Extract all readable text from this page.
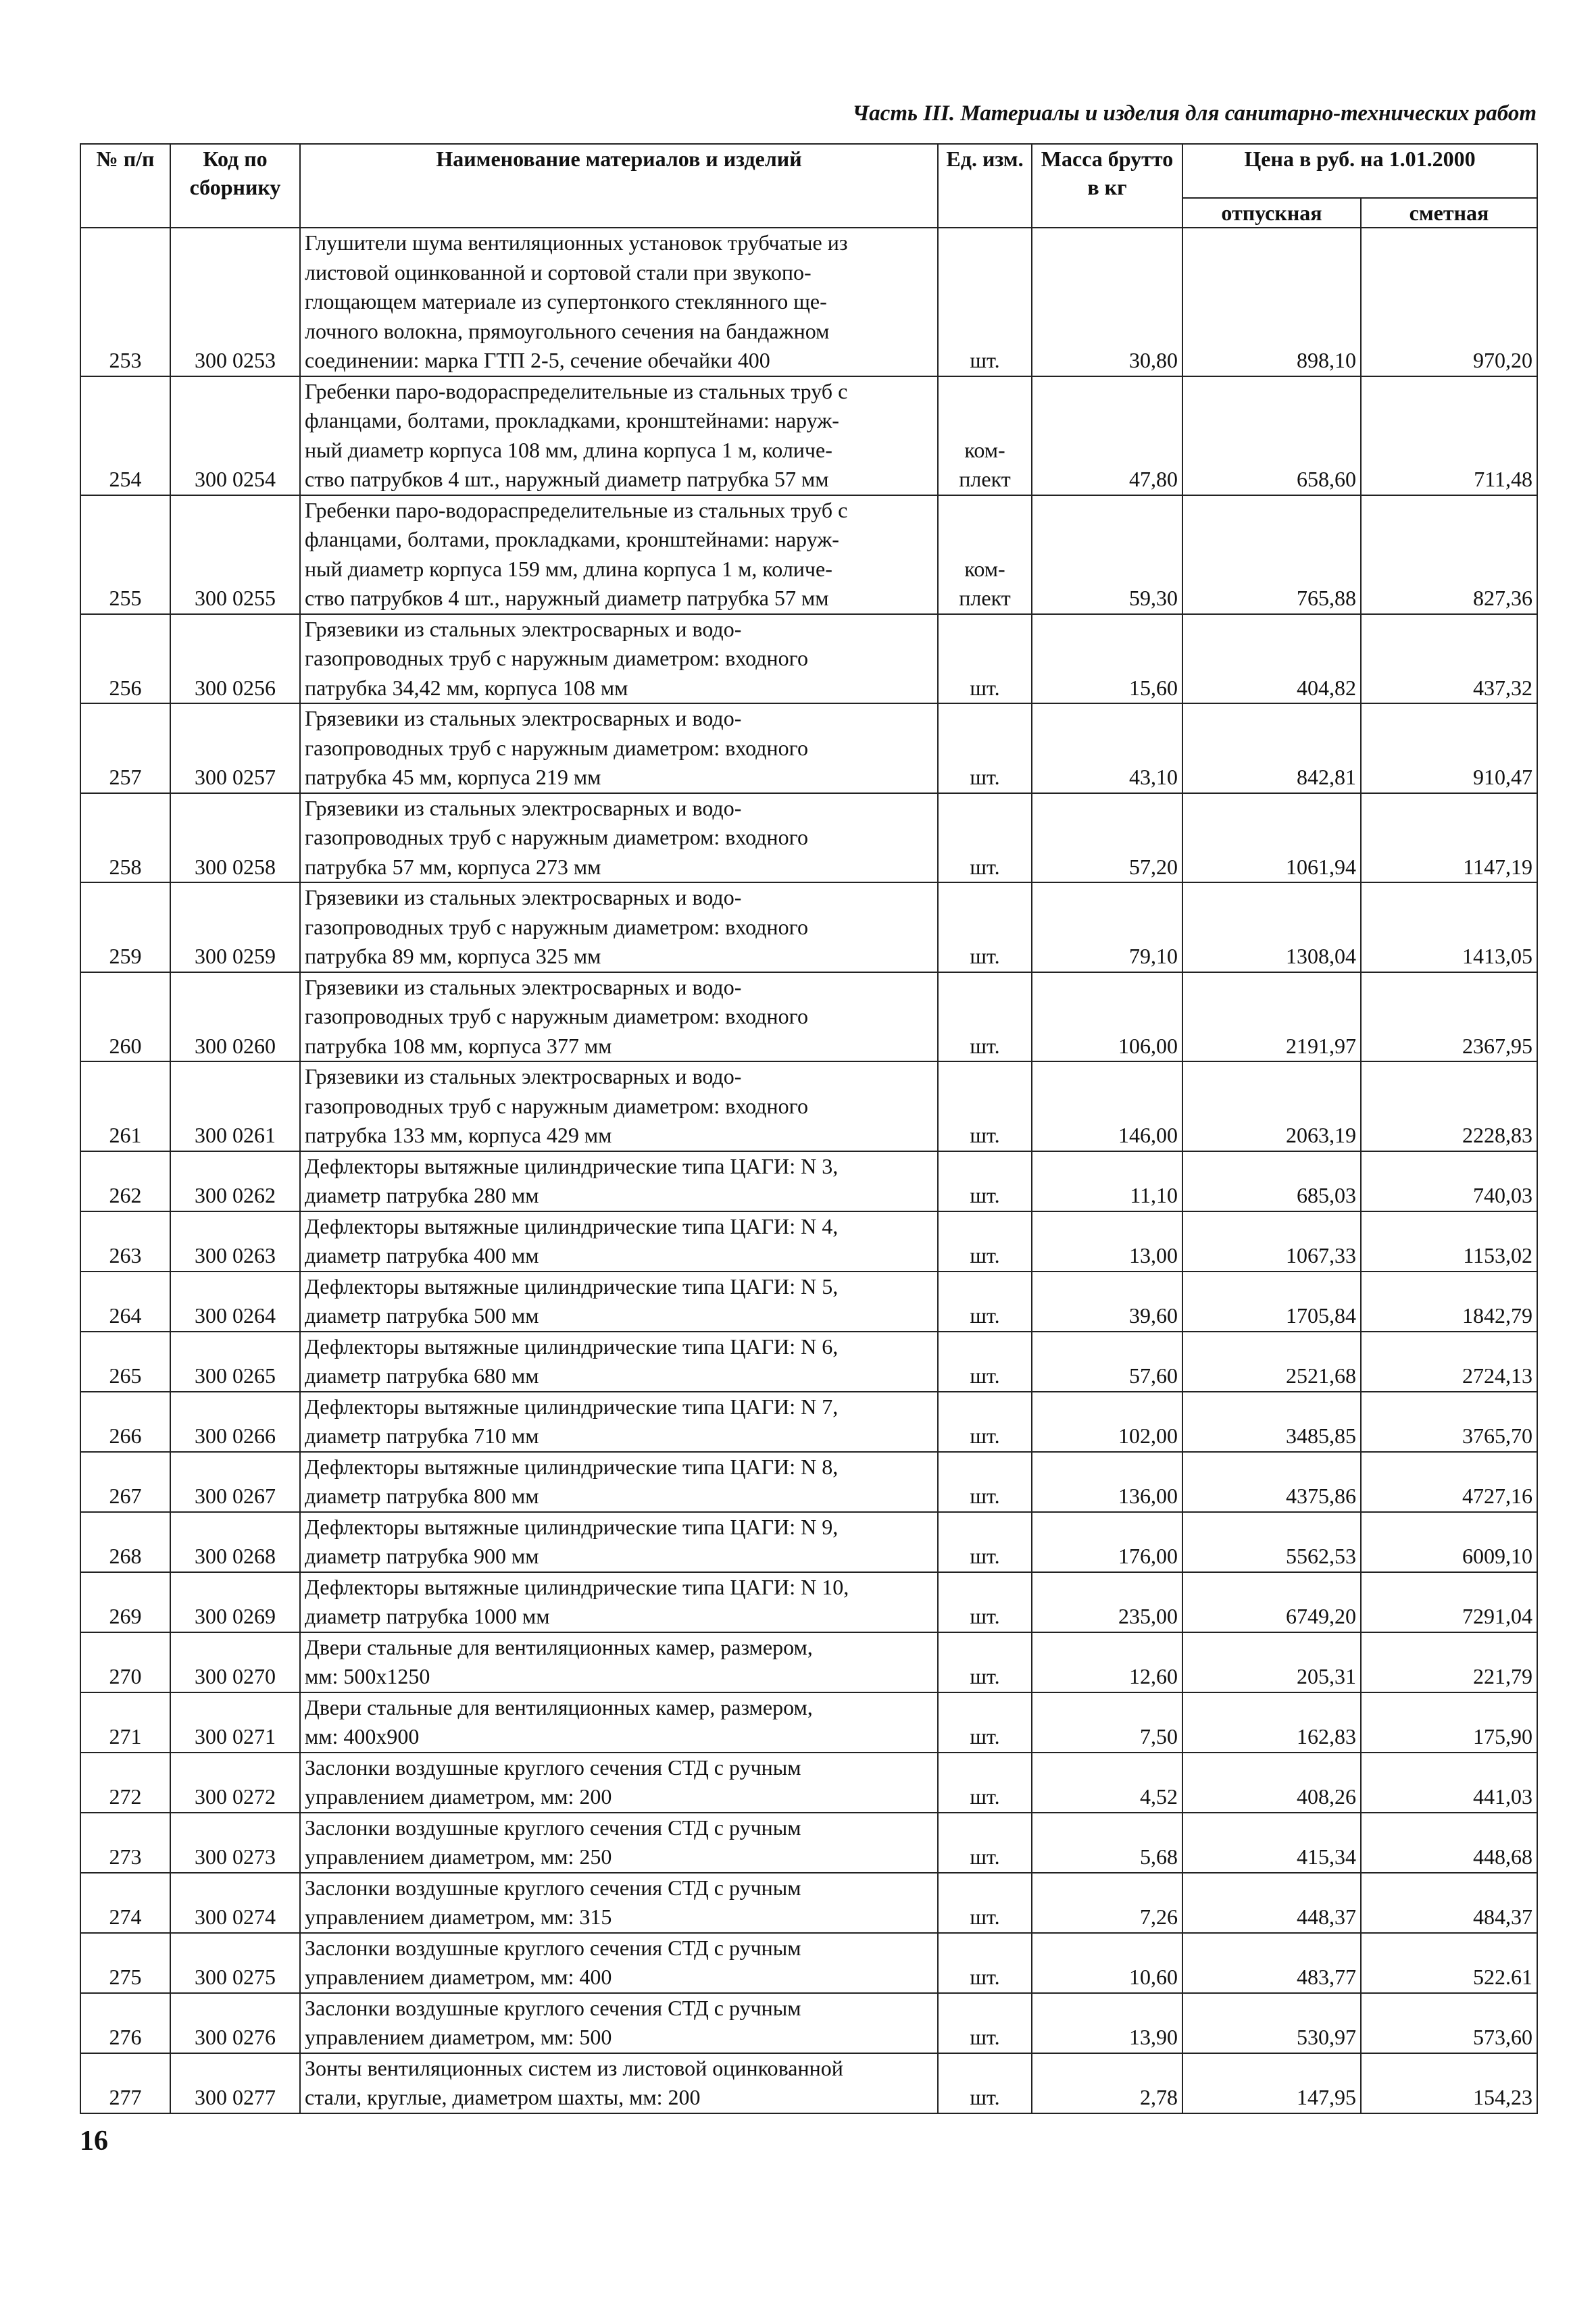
Часть III. Материалы и изделия для санитарно-технических работ
№ п/п	Код по сборнику	Наименование материалов и изделий	Ед. изм.	Масса брутто в кг	Цена в руб. на 1.01.2000	
					отпускная	сметная
253	300 0253	Глушители шума вентиляционных установок трубчатые из
листовой оцинкованной и сортовой стали при звукопо-
глощающем материале из супертонкого стеклянного ще-
лочного волокна, прямоугольного сечения на бандажном
соединении: марка ГТП 2-5, сечение обечайки 400	шт.	30,80	898,10	970,20
254	300 0254	Гребенки паро-водораспределительные из стальных труб с
фланцами, болтами, прокладками, кронштейнами: наруж-
ный диаметр корпуса 108 мм, длина корпуса 1 м, количе-
ство патрубков 4 шт., наружный диаметр патрубка 57 мм	ком-
плект	47,80	658,60	711,48
255	300 0255	Гребенки паро-водораспределительные из стальных труб с
фланцами, болтами, прокладками, кронштейнами: наруж-
ный диаметр корпуса 159 мм, длина корпуса 1 м, количе-
ство патрубков 4 шт., наружный диаметр патрубка 57 мм	ком-
плект	59,30	765,88	827,36
256	300 0256	Грязевики из стальных электросварных и водо-
газопроводных труб с наружным диаметром: входного
патрубка 34,42 мм, корпуса 108 мм	шт.	15,60	404,82	437,32
257	300 0257	Грязевики из стальных электросварных и водо-
газопроводных труб с наружным диаметром: входного
патрубка 45 мм, корпуса 219 мм	шт.	43,10	842,81	910,47
258	300 0258	Грязевики из стальных электросварных и водо-
газопроводных труб с наружным диаметром: входного
патрубка 57 мм, корпуса 273 мм	шт.	57,20	1061,94	1147,19
259	300 0259	Грязевики из стальных электросварных и водо-
газопроводных труб с наружным диаметром: входного
патрубка 89 мм, корпуса 325 мм	шт.	79,10	1308,04	1413,05
260	300 0260	Грязевики из стальных электросварных и водо-
газопроводных труб с наружным диаметром: входного
патрубка 108 мм, корпуса 377 мм	шт.	106,00	2191,97	2367,95
261	300 0261	Грязевики из стальных электросварных и водо-
газопроводных труб с наружным диаметром: входного
патрубка 133 мм, корпуса 429 мм	шт.	146,00	2063,19	2228,83
262	300 0262	Дефлекторы вытяжные цилиндрические типа ЦАГИ: N 3,
диаметр патрубка 280 мм	шт.	11,10	685,03	740,03
263	300 0263	Дефлекторы вытяжные цилиндрические типа ЦАГИ: N 4,
диаметр патрубка 400 мм	шт.	13,00	1067,33	1153,02
264	300 0264	Дефлекторы вытяжные цилиндрические типа ЦАГИ: N 5,
диаметр патрубка 500 мм	шт.	39,60	1705,84	1842,79
265	300 0265	Дефлекторы вытяжные цилиндрические типа ЦАГИ: N 6,
диаметр патрубка 680 мм	шт.	57,60	2521,68	2724,13
266	300 0266	Дефлекторы вытяжные цилиндрические типа ЦАГИ: N 7,
диаметр патрубка 710 мм	шт.	102,00	3485,85	3765,70
267	300 0267	Дефлекторы вытяжные цилиндрические типа ЦАГИ: N 8,
диаметр патрубка 800 мм	шт.	136,00	4375,86	4727,16
268	300 0268	Дефлекторы вытяжные цилиндрические типа ЦАГИ: N 9,
диаметр патрубка 900 мм	шт.	176,00	5562,53	6009,10
269	300 0269	Дефлекторы вытяжные цилиндрические типа ЦАГИ: N 10,
диаметр патрубка 1000 мм	шт.	235,00	6749,20	7291,04
270	300 0270	Двери стальные для вентиляционных камер, размером,
мм: 500х1250	шт.	12,60	205,31	221,79
271	300 0271	Двери стальные для вентиляционных камер, размером,
мм: 400х900	шт.	7,50	162,83	175,90
272	300 0272	Заслонки воздушные круглого сечения СТД с ручным
управлением диаметром, мм: 200	шт.	4,52	408,26	441,03
273	300 0273	Заслонки воздушные круглого сечения СТД с ручным
управлением диаметром, мм: 250	шт.	5,68	415,34	448,68
274	300 0274	Заслонки воздушные круглого сечения СТД с ручным
управлением диаметром, мм: 315	шт.	7,26	448,37	484,37
275	300 0275	Заслонки воздушные круглого сечения СТД с ручным
управлением диаметром, мм: 400	шт.	10,60	483,77	522.61
276	300 0276	Заслонки воздушные круглого сечения СТД с ручным
управлением диаметром, мм: 500	шт.	13,90	530,97	573,60
277	300 0277	Зонты вентиляционных систем из листовой оцинкованной
стали, круглые, диаметром шахты, мм: 200	шт.	2,78	147,95	154,23
16
